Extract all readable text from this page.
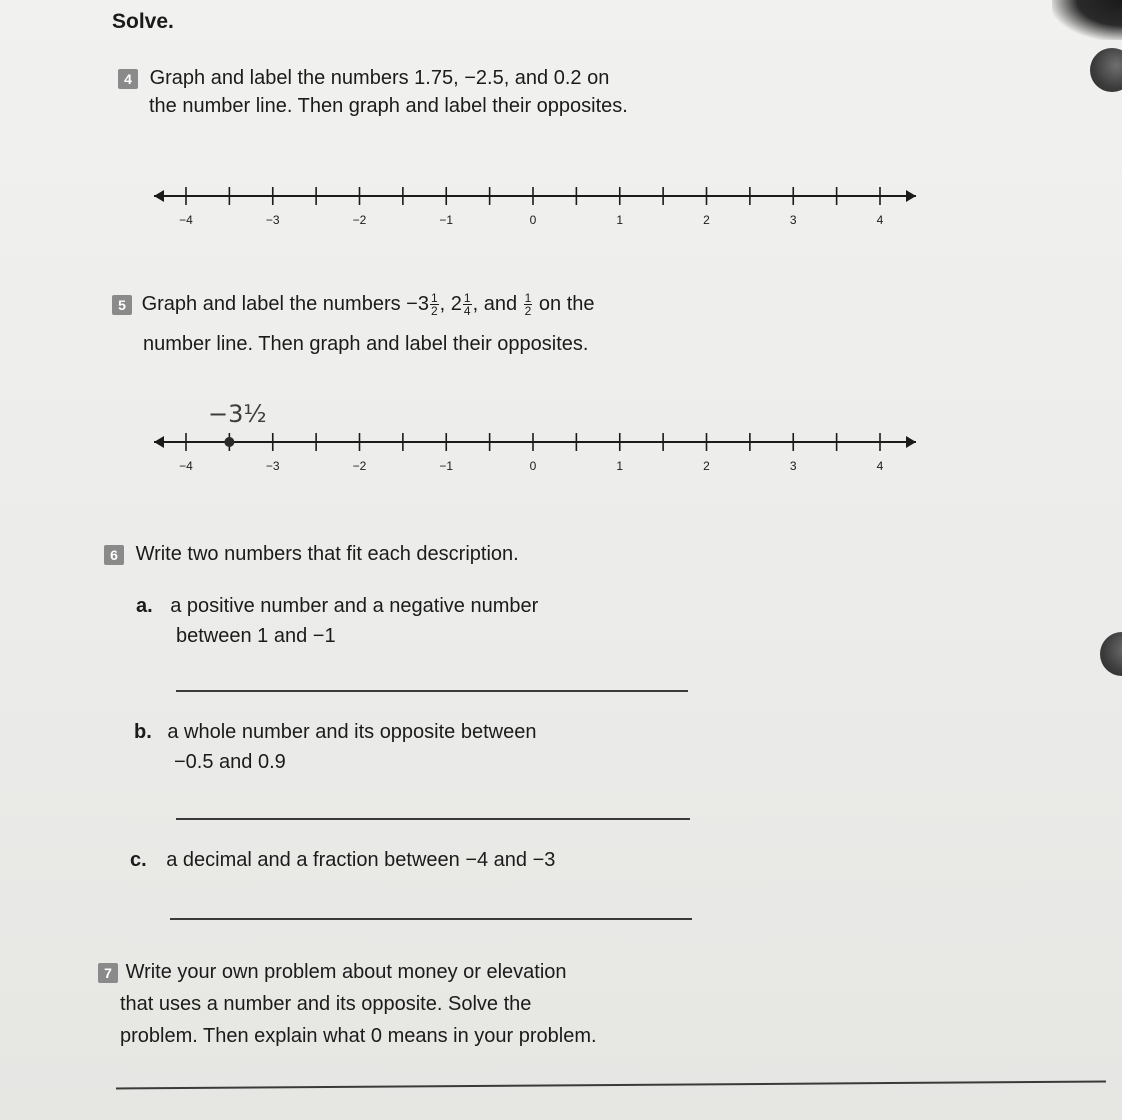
Solve.
4 Graph and label the numbers 1.75, −2.5, and 0.2 on
the number line. Then graph and label their opposites.
−4	−3	−2	−1	0	1	2	3	4
5 Graph and label the numbers $-3 \frac{1}{2}$ , $2 \frac{1}{4}$ , and $\frac{1}{2}$ on the
number line. Then graph and label their opposites.
−3½
−4	−3	−2	−1	0	1	2	3	4
6 Write two numbers that fit each description.
a. a positive number and a negative number
between 1 and −1
b. a whole number and its opposite between
−0.5 and 0.9
c. a decimal and a fraction between −4 and −3
7 Write your own problem about money or elevation
that uses a number and its opposite. Solve the
problem. Then explain what 0 means in your problem.
